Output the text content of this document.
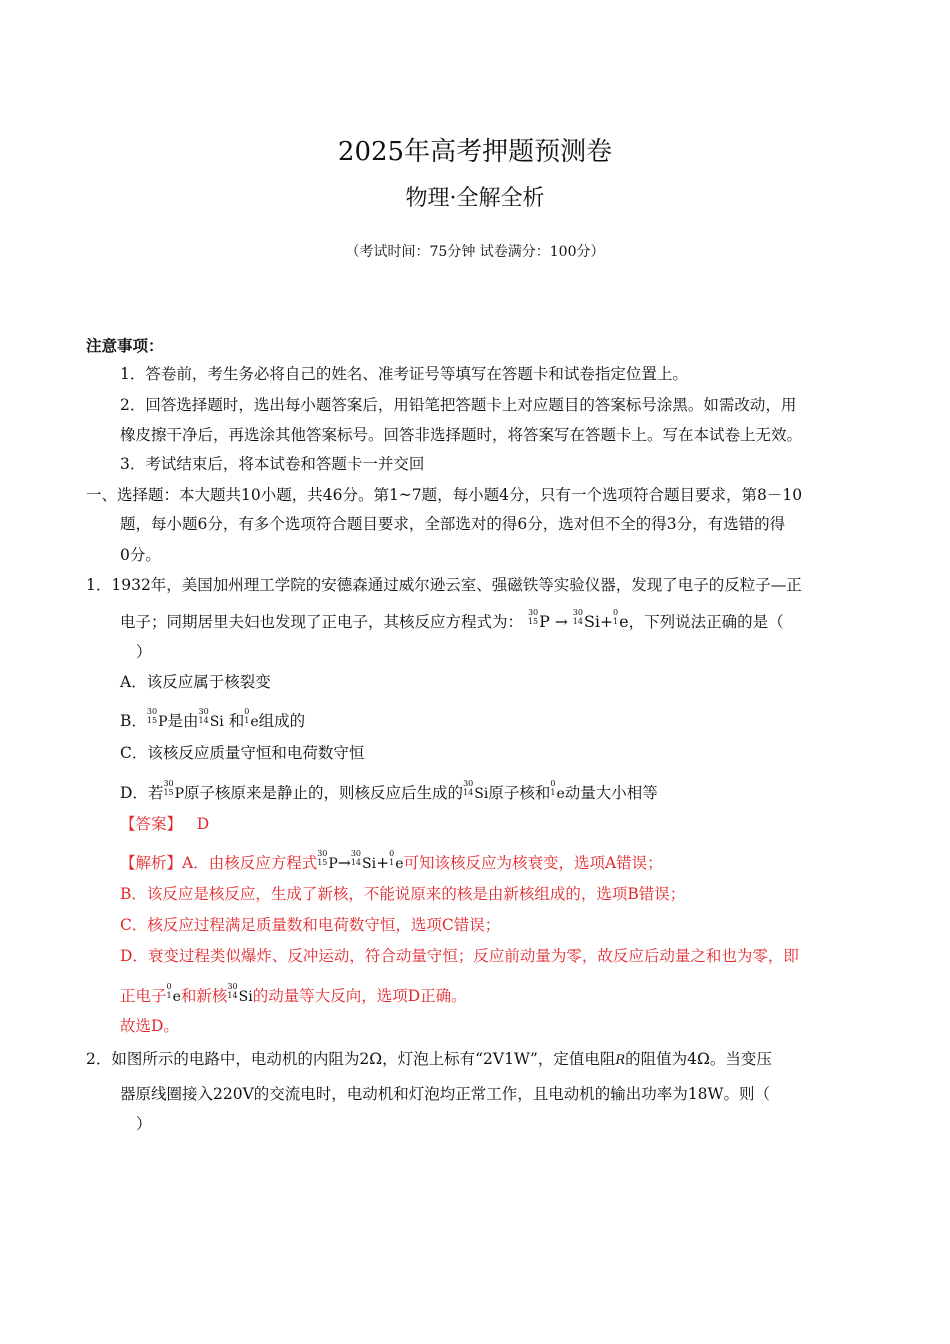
2025年高考押题预测卷
物理·全解全析
（考试时间：75分钟 试卷满分：100分）
注意事项：
1．答卷前，考生务必将自己的姓名、准考证号等填写在答题卡和试卷指定位置上。
2．回答选择题时，选出每小题答案后，用铅笔把答题卡上对应题目的答案标号涂黑。如需改动，用
橡皮擦干净后，再选涂其他答案标号。回答非选择题时，将答案写在答题卡上。写在本试卷上无效。
3．考试结束后，将本试卷和答题卡一并交回
一、选择题：本大题共10小题，共46分。第1~7题，每小题4分，只有一个选项符合题目要求，第8－10
题，每小题6分，有多个选项符合题目要求，全部选对的得6分，选对但不全的得3分，有选错的得
0分。
1．1932年，美国加州理工学院的安德森通过威尔逊云室、强磁铁等实验仪器，发现了电子的反粒子—正
电子；同期居里夫妇也发现了正电子，其核反应方程式为：
30
15 P →
30
14 Si+
0
1 e，下列说法正确的是（
）
A．该反应属于核裂变
B．
30
15 P是由
30
14 Si 和
0
1 e组成的
C．该核反应质量守恒和电荷数守恒
D．若
30
15 P原子核原来是静止的，则核反应后生成的
30
14 Si原子核和
0
1 e动量大小相等
【答案】 D
【解析】A．由核反应方程式
30
15 P→
30
14 Si+
0
1 e可知该核反应为核衰变，选项A错误；
B．该反应是核反应，生成了新核，不能说原来的核是由新核组成的，选项B错误；
C．核反应过程满足质量数和电荷数守恒，选项C错误；
D．衰变过程类似爆炸、反冲运动，符合动量守恒；反应前动量为零，故反应后动量之和也为零，即
正电子
0
1 e和新核
30
14 Si的动量等大反向，选项D正确。
故选D。
2．如图所示的电路中，电动机的内阻为2Ω，灯泡上标有“2V1W”，定值电阻R的阻值为4Ω。当变压
器原线圈接入220V的交流电时，电动机和灯泡均正常工作，且电动机的输出功率为18W。则（
）
